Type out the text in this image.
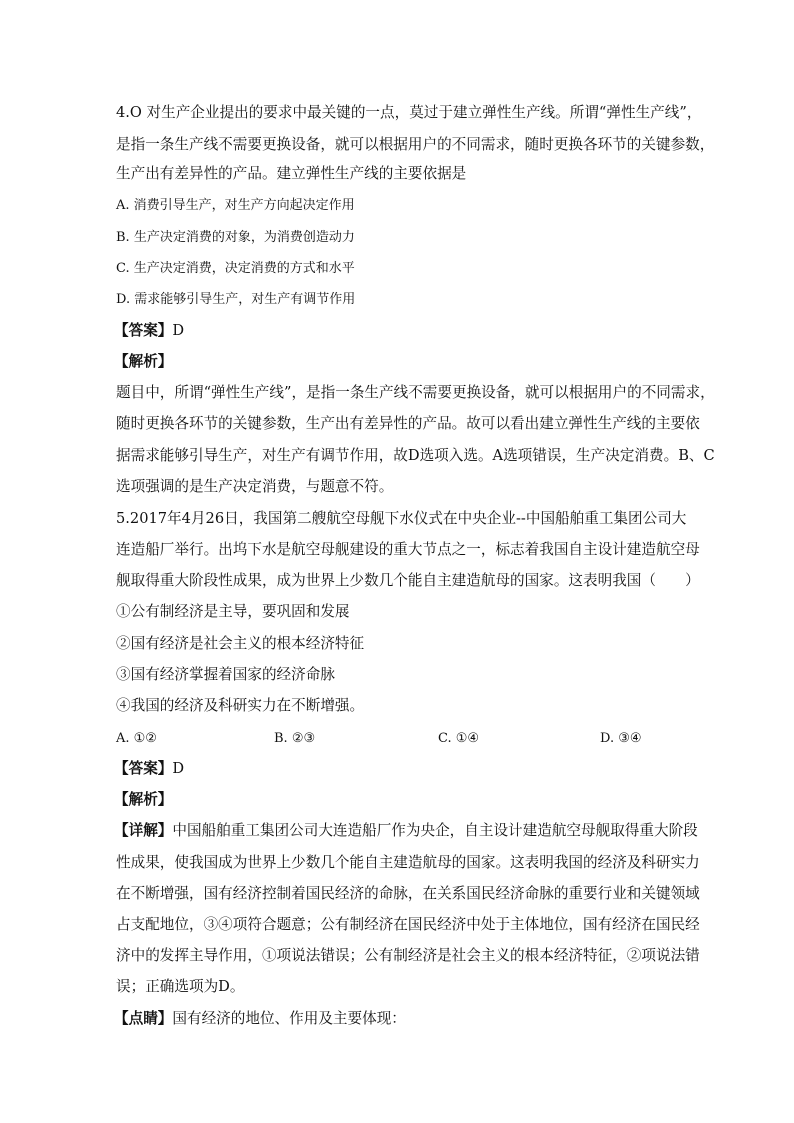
4.O 对生产企业提出的要求中最关键的一点，莫过于建立弹性生产线。所谓“弹性生产线”，
是指一条生产线不需要更换设备，就可以根据用户的不同需求，随时更换各环节的关键参数，
生产出有差异性的产品。建立弹性生产线的主要依据是
A. 消费引导生产，对生产方向起决定作用
B. 生产决定消费的对象，为消费创造动力
C. 生产决定消费，决定消费的方式和水平
D. 需求能够引导生产，对生产有调节作用
【答案】D
【解析】
题目中，所谓“弹性生产线”，是指一条生产线不需要更换设备，就可以根据用户的不同需求，
随时更换各环节的关键参数，生产出有差异性的产品。故可以看出建立弹性生产线的主要依
据需求能够引导生产，对生产有调节作用，故D选项入选。A选项错误，生产决定消费。B、C
选项强调的是生产决定消费，与题意不符。
5.2017年4月26日，我国第二艘航空母舰下水仪式在中央企业--中国船舶重工集团公司大
连造船厂举行。出坞下水是航空母舰建设的重大节点之一，标志着我国自主设计建造航空母
舰取得重大阶段性成果，成为世界上少数几个能自主建造航母的国家。这表明我国（　　）
①公有制经济是主导，要巩固和发展
②国有经济是社会主义的根本经济特征
③国有经济掌握着国家的经济命脉
④我国的经济及科研实力在不断增强。
A. ①②	B. ②③	C. ①④	D. ③④
【答案】D
【解析】
【详解】中国船舶重工集团公司大连造船厂作为央企，自主设计建造航空母舰取得重大阶段
性成果，使我国成为世界上少数几个能自主建造航母的国家。这表明我国的经济及科研实力
在不断增强，国有经济控制着国民经济的命脉，在关系国民经济命脉的重要行业和关键领域
占支配地位，③④项符合题意；公有制经济在国民经济中处于主体地位，国有经济在国民经
济中的发挥主导作用，①项说法错误；公有制经济是社会主义的根本经济特征，②项说法错
误；正确选项为D。
【点睛】国有经济的地位、作用及主要体现：
